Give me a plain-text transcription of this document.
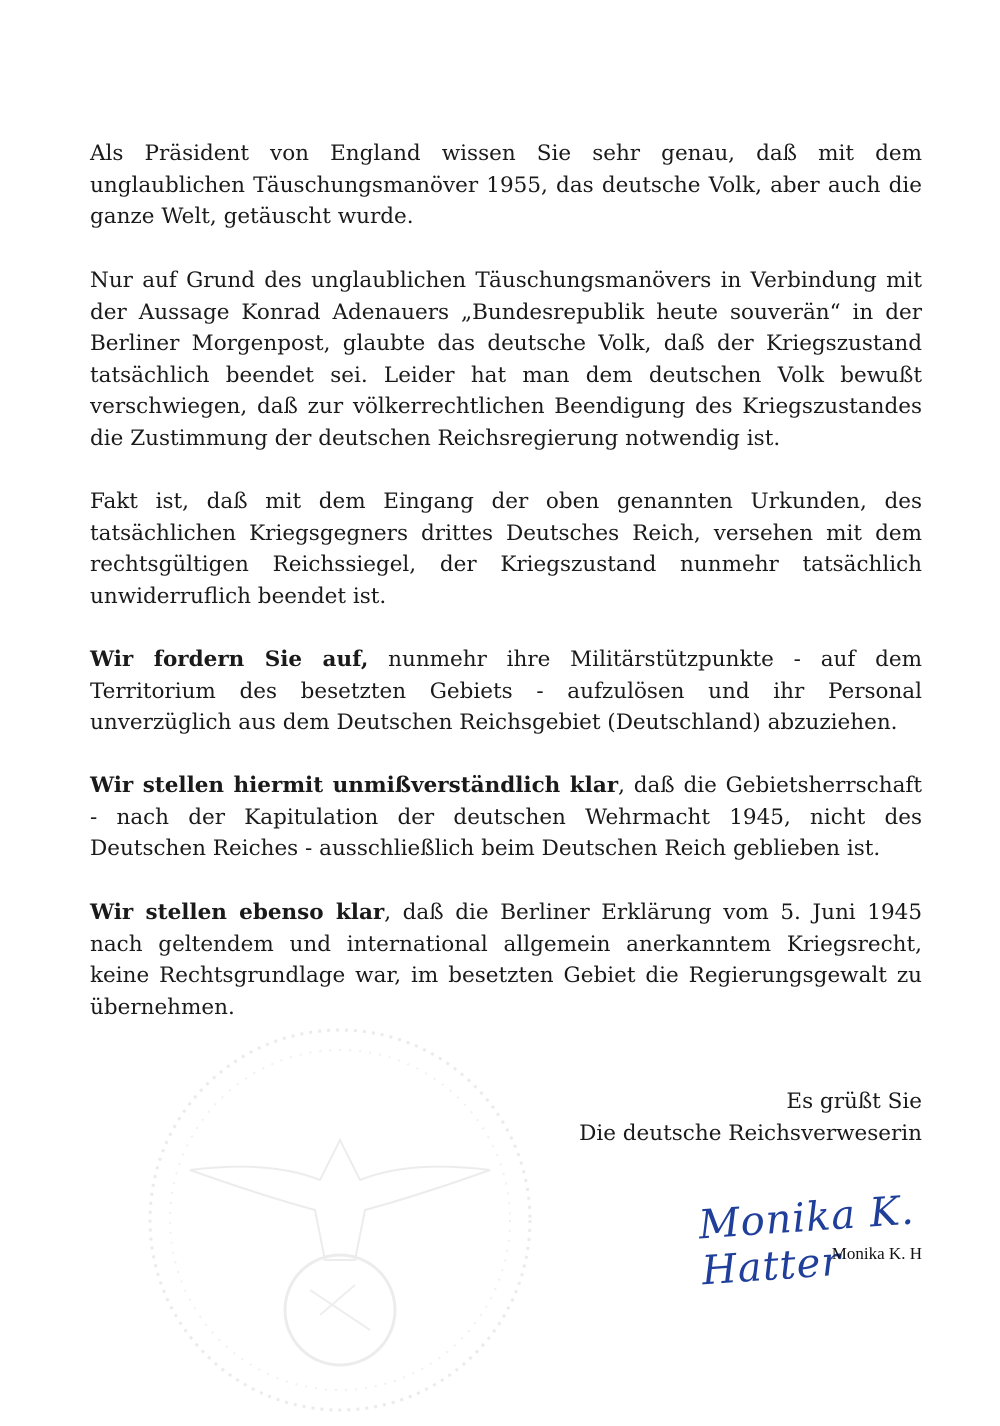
Als Präsident von England wissen Sie sehr genau, daß mit dem unglaublichen Täuschungsmanöver 1955, das deutsche Volk, aber auch die ganze Welt, getäuscht wurde.

Nur auf Grund des unglaublichen Täuschungsmanövers in Verbindung mit der Aussage Konrad Adenauers „Bundesrepublik heute souverän“ in der Berliner Morgenpost, glaubte das deutsche Volk, daß der Kriegszustand tatsächlich beendet sei. Leider hat man dem deutschen Volk bewußt verschwiegen, daß zur völkerrechtlichen Beendigung des Kriegszustandes die Zustimmung der deutschen Reichsregierung notwendig ist.

Fakt ist, daß mit dem Eingang der oben genannten Urkunden, des tatsächlichen Kriegsgegners drittes Deutsches Reich, versehen mit dem rechtsgültigen Reichssiegel, der Kriegszustand nunmehr tatsächlich unwiderruflich beendet ist.

Wir fordern Sie auf, nunmehr ihre Militärstützpunkte - auf dem Territorium des besetzten Gebiets - aufzulösen und ihr Personal unverzüglich aus dem Deutschen Reichsgebiet (Deutschland) abzuziehen.

Wir stellen hiermit unmißverständlich klar, daß die Gebietsherrschaft - nach der Kapitulation der deutschen Wehrmacht 1945, nicht des Deutschen Reiches - ausschließlich beim Deutschen Reich geblieben ist.

Wir stellen ebenso klar, daß die Berliner Erklärung vom 5. Juni 1945 nach geltendem und international allgemein anerkanntem Kriegsrecht, keine Rechtsgrundlage war, im besetzten Gebiet die Regierungsgewalt zu übernehmen.

Es grüßt Sie

Die deutsche Reichsverweserin

Monika K. Hatter
Monika K. H
